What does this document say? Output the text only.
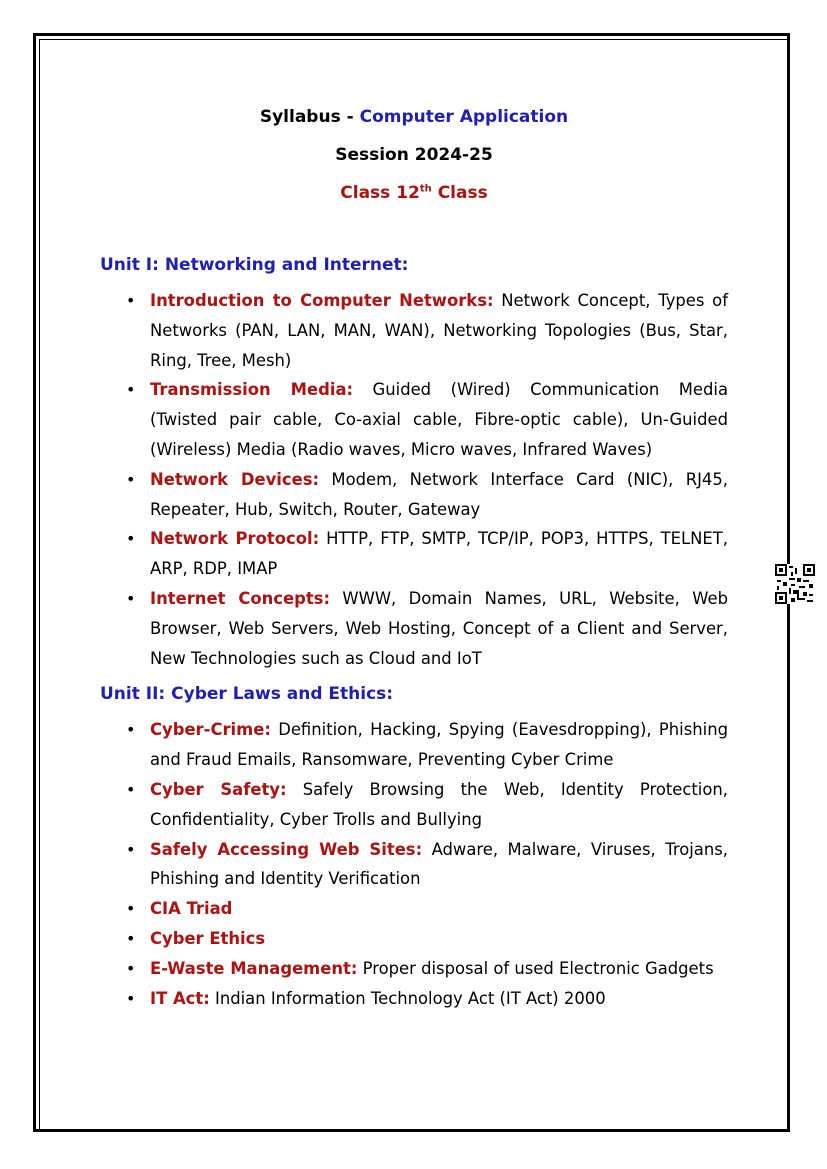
Syllabus - Computer Application
Session 2024-25
Class 12th Class
Unit I: Networking and Internet:
• Introduction to Computer Networks: Network Concept, Types of Networks (PAN, LAN, MAN, WAN), Networking Topologies (Bus, Star, Ring, Tree, Mesh)
• Transmission Media: Guided (Wired) Communication Media (Twisted pair cable, Co-axial cable, Fibre-optic cable), Un-Guided (Wireless) Media (Radio waves, Micro waves, Infrared Waves)
• Network Devices: Modem, Network Interface Card (NIC), RJ45, Repeater, Hub, Switch, Router, Gateway
• Network Protocol: HTTP, FTP, SMTP, TCP/IP, POP3, HTTPS, TELNET, ARP, RDP, IMAP
• Internet Concepts: WWW, Domain Names, URL, Website, Web Browser, Web Servers, Web Hosting, Concept of a Client and Server, New Technologies such as Cloud and IoT
Unit II: Cyber Laws and Ethics:
• Cyber-Crime: Definition, Hacking, Spying (Eavesdropping), Phishing and Fraud Emails, Ransomware, Preventing Cyber Crime
• Cyber Safety: Safely Browsing the Web, Identity Protection, Confidentiality, Cyber Trolls and Bullying
• Safely Accessing Web Sites: Adware, Malware, Viruses, Trojans, Phishing and Identity Verification
• CIA Triad
• Cyber Ethics
• E-Waste Management: Proper disposal of used Electronic Gadgets
• IT Act: Indian Information Technology Act (IT Act) 2000
